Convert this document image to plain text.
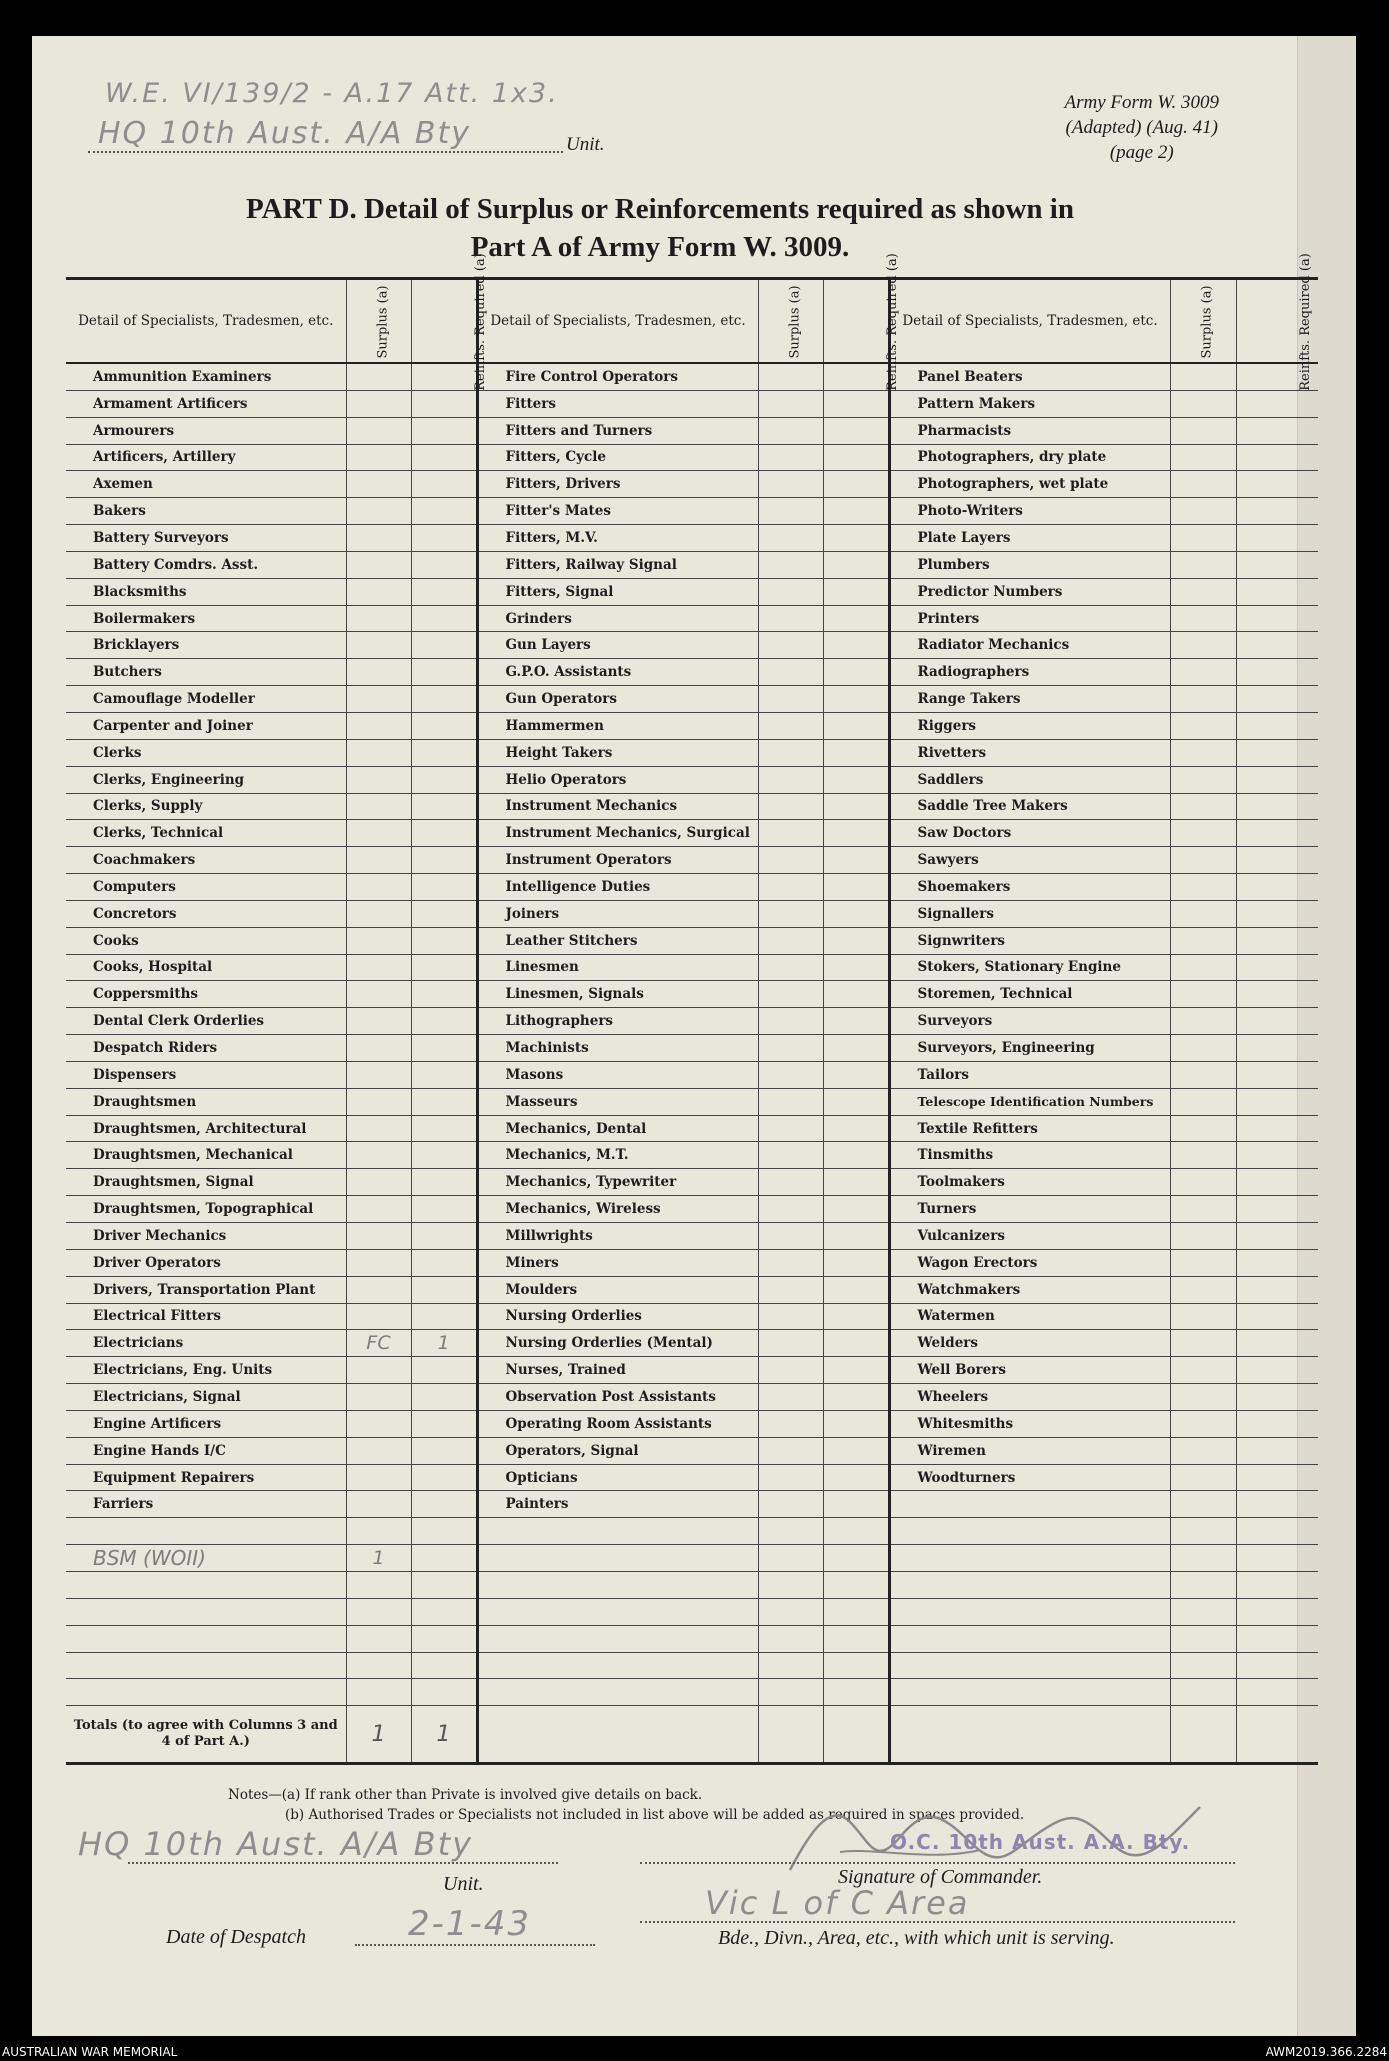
W.E. VI/139/2 - A.17 Att. 1x3.
HQ 10th Aust. A/A Bty
Army Form W. 3009
(Adapted) (Aug. 41)
(page 2)
Unit.
PART D. Detail of Surplus or Reinforcements required as shown in
Part A of Army Form W. 3009.
Detail of Specialists, Tradesmen, etc.	Surplus (a)	Reinfts. Required (a)	Detail of Specialists, Tradesmen, etc.	Surplus (a)	Reinfts. Required (a)	Detail of Specialists, Tradesmen, etc.	Surplus (a)	Reinfts. Required (a)
Ammunition Examiners			Fire Control Operators			Panel Beaters		
Armament Artificers			Fitters			Pattern Makers		
Armourers			Fitters and Turners			Pharmacists		
Artificers, Artillery			Fitters, Cycle			Photographers, dry plate		
Axemen			Fitters, Drivers			Photographers, wet plate		
Bakers			Fitter's Mates			Photo-Writers		
Battery Surveyors			Fitters, M.V.			Plate Layers		
Battery Comdrs. Asst.			Fitters, Railway Signal			Plumbers		
Blacksmiths			Fitters, Signal			Predictor Numbers		
Boilermakers			Grinders			Printers		
Bricklayers			Gun Layers			Radiator Mechanics		
Butchers			G.P.O. Assistants			Radiographers		
Camouflage Modeller			Gun Operators			Range Takers		
Carpenter and Joiner			Hammermen			Riggers		
Clerks			Height Takers			Rivetters		
Clerks, Engineering			Helio Operators			Saddlers		
Clerks, Supply			Instrument Mechanics			Saddle Tree Makers		
Clerks, Technical			Instrument Mechanics, Surgical			Saw Doctors		
Coachmakers			Instrument Operators			Sawyers		
Computers			Intelligence Duties			Shoemakers		
Concretors			Joiners			Signallers		
Cooks			Leather Stitchers			Signwriters		
Cooks, Hospital			Linesmen			Stokers, Stationary Engine		
Coppersmiths			Linesmen, Signals			Storemen, Technical		
Dental Clerk Orderlies			Lithographers			Surveyors		
Despatch Riders			Machinists			Surveyors, Engineering		
Dispensers			Masons			Tailors		
Draughtsmen			Masseurs			Telescope Identification Numbers		
Draughtsmen, Architectural			Mechanics, Dental			Textile Refitters		
Draughtsmen, Mechanical			Mechanics, M.T.			Tinsmiths		
Draughtsmen, Signal			Mechanics, Typewriter			Toolmakers		
Draughtsmen, Topographical			Mechanics, Wireless			Turners		
Driver Mechanics			Millwrights			Vulcanizers		
Driver Operators			Miners			Wagon Erectors		
Drivers, Transportation Plant			Moulders			Watchmakers		
Electrical Fitters			Nursing Orderlies			Watermen		
Electricians	FC	1	Nursing Orderlies (Mental)			Welders		
Electricians, Eng. Units			Nurses, Trained			Well Borers		
Electricians, Signal			Observation Post Assistants			Wheelers		
Engine Artificers			Operating Room Assistants			Whitesmiths		
Engine Hands I/C			Operators, Signal			Wiremen		
Equipment Repairers			Opticians			Woodturners		
Farriers			Painters					

BSM (WOII)	1							

Totals (to agree with Columns 3 and 4 of Part A.)	1	1						
Notes—(a) If rank other than Private is involved give details on back.
(b) Authorised Trades or Specialists not included in list above will be added as required in spaces provided.
HQ 10th Aust. A/A Bty
Unit.
O.C. 10th Aust. A.A. Bty.
Signature of Commander.
Date of Despatch	2-1-43
Vic L of C Area
Bde., Divn., Area, etc., with which unit is serving.
AUSTRALIAN WAR MEMORIAL	AWM2019.366.2284
